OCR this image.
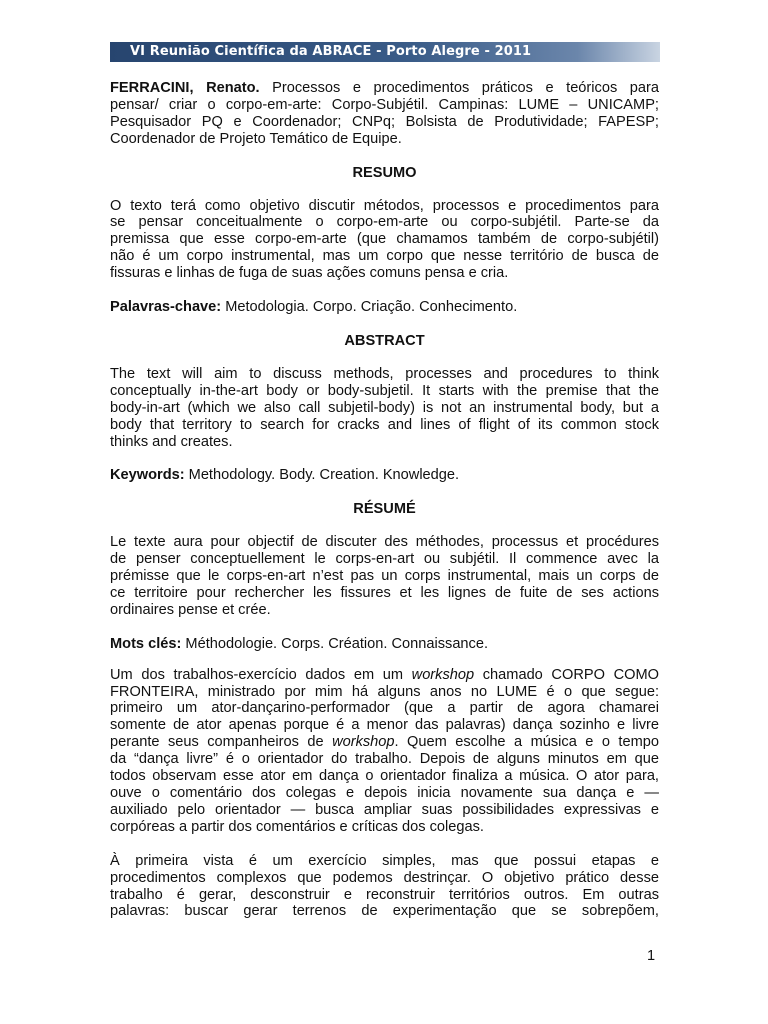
VI Reunião Científica da ABRACE - Porto Alegre - 2011

FERRACINI, Renato. Processos e procedimentos práticos e teóricos para
pensar/ criar o corpo-em-arte: Corpo-Subjétil. Campinas: LUME – UNICAMP;
Pesquisador PQ e Coordenador; CNPq; Bolsista de Produtividade; FAPESP;
Coordenador de Projeto Temático de Equipe.

RESUMO

O texto terá como objetivo discutir métodos, processos e procedimentos para
se pensar conceitualmente o corpo-em-arte ou corpo-subjétil. Parte-se da
premissa que esse corpo-em-arte (que chamamos também de corpo-subjétil)
não é um corpo instrumental, mas um corpo que nesse território de busca de
fissuras e linhas de fuga de suas ações comuns pensa e cria.

Palavras-chave: Metodologia. Corpo. Criação. Conhecimento.

ABSTRACT

The text will aim to discuss methods, processes and procedures to think
conceptually in-the-art body or body-subjetil. It starts with the premise that the
body-in-art (which we also call subjetil-body) is not an instrumental body, but a
body that territory to search for cracks and lines of flight of its common stock
thinks and creates.

Keywords: Methodology. Body. Creation. Knowledge.

RÉSUMÉ

Le texte aura pour objectif de discuter des méthodes, processus et procédures
de penser conceptuellement le corps-en-art ou subjétil. Il commence avec la
prémisse que le corps-en-art n’est pas un corps instrumental, mais un corps de
ce territoire pour rechercher les fissures et les lignes de fuite de ses actions
ordinaires pense et crée.

Mots clés: Méthodologie. Corps. Création. Connaissance.

Um dos trabalhos-exercício dados em um workshop chamado CORPO COMO
FRONTEIRA, ministrado por mim há alguns anos no LUME é o que segue:
primeiro um ator-dançarino-performador (que a partir de agora chamarei
somente de ator apenas porque é a menor das palavras) dança sozinho e livre
perante seus companheiros de workshop. Quem escolhe a música e o tempo
da “dança livre” é o orientador do trabalho. Depois de alguns minutos em que
todos observam esse ator em dança o orientador finaliza a música. O ator para,
ouve o comentário dos colegas e depois inicia novamente sua dança e —
auxiliado pelo orientador — busca ampliar suas possibilidades expressivas e
corpóreas a partir dos comentários e críticas dos colegas.

À primeira vista é um exercício simples, mas que possui etapas e
procedimentos complexos que podemos destrinçar. O objetivo prático desse
trabalho é gerar, desconstruir e reconstruir territórios outros. Em outras
palavras: buscar gerar terrenos de experimentação que se sobrepõem,

1
